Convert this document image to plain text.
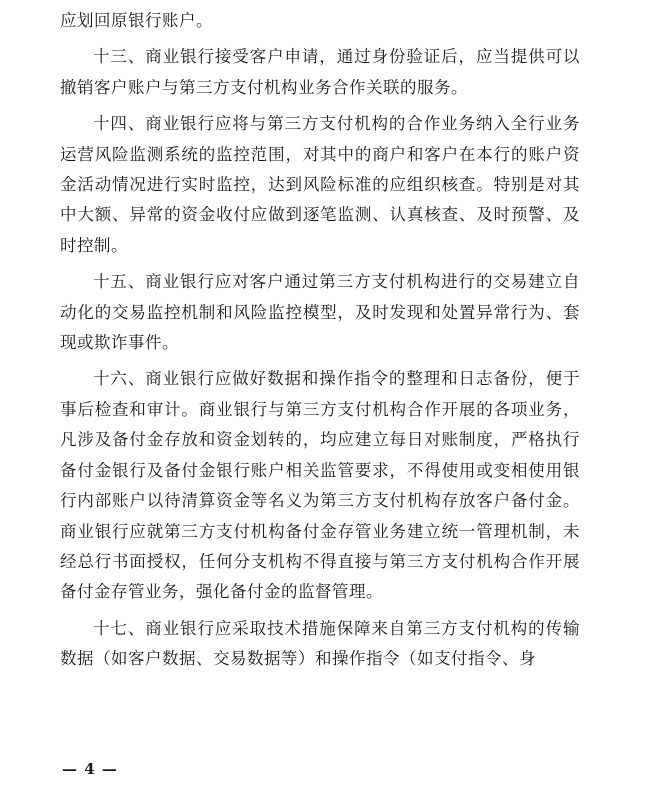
应划回原银行账户。

十三、商业银行接受客户申请，通过身份验证后，应当提供可以撤销客户账户与第三方支付机构业务合作关联的服务。

十四、商业银行应将与第三方支付机构的合作业务纳入全行业务运营风险监测系统的监控范围，对其中的商户和客户在本行的账户资金活动情况进行实时监控，达到风险标准的应组织核查。特别是对其中大额、异常的资金收付应做到逐笔监测、认真核查、及时预警、及时控制。

十五、商业银行应对客户通过第三方支付机构进行的交易建立自动化的交易监控机制和风险监控模型，及时发现和处置异常行为、套现或欺诈事件。

十六、商业银行应做好数据和操作指令的整理和日志备份，便于事后检查和审计。商业银行与第三方支付机构合作开展的各项业务，凡涉及备付金存放和资金划转的，均应建立每日对账制度，严格执行备付金银行及备付金银行账户相关监管要求，不得使用或变相使用银行内部账户以待清算资金等名义为第三方支付机构存放客户备付金。商业银行应就第三方支付机构备付金存管业务建立统一管理机制，未经总行书面授权，任何分支机构不得直接与第三方支付机构合作开展备付金存管业务，强化备付金的监督管理。

十七、商业银行应采取技术措施保障来自第三方支付机构的传输数据（如客户数据、交易数据等）和操作指令（如支付指令、身

— 4 —
